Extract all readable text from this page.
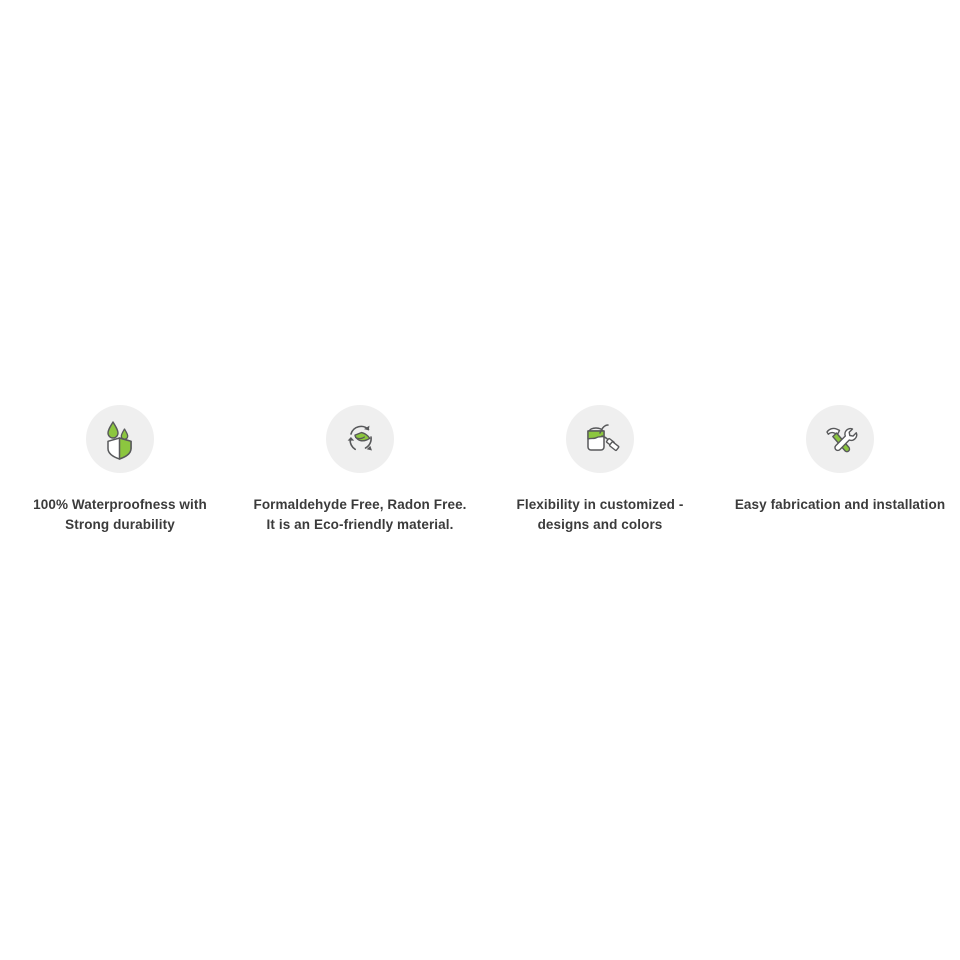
100% Waterproofness with
Strong durability
Formaldehyde Free, Radon Free.
It is an Eco-friendly material.
Flexibility in customized -
designs and colors
Easy fabrication and installation
